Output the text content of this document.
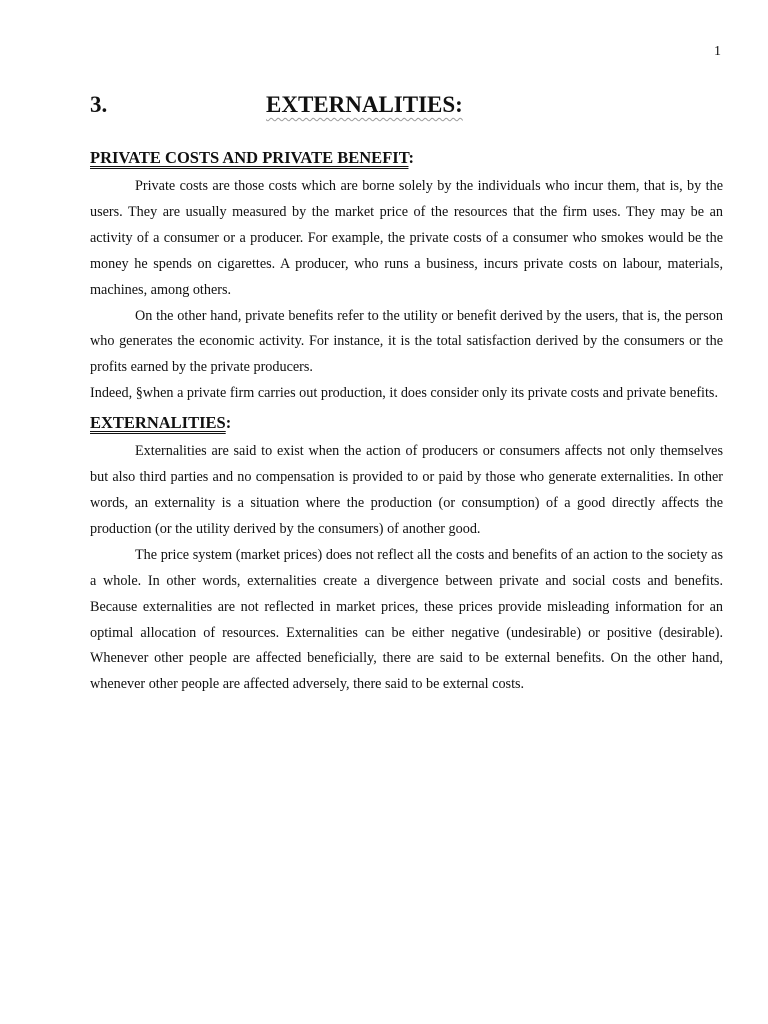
1
3.	EXTERNALITIES:
PRIVATE COSTS AND PRIVATE BENEFIT:

Private costs are those costs which are borne solely by the individuals who incur them, that is, by the users. They are usually measured by the market price of the resources that the firm uses. They may be an activity of a consumer or a producer. For example, the private costs of a consumer who smokes would be the money he spends on cigarettes. A producer, who runs a business, incurs private costs on labour, materials, machines, among others.

On the other hand, private benefits refer to the utility or benefit derived by the users, that is, the person who generates the economic activity. For instance, it is the total satisfaction derived by the consumers or the profits earned by the private producers.

Indeed, §when a private firm carries out production, it does consider only its private costs and private benefits.

EXTERNALITIES:

Externalities are said to exist when the action of producers or consumers affects not only themselves but also third parties and no compensation is provided to or paid by those who generate externalities. In other words, an externality is a situation where the production (or consumption) of a good directly affects the production (or the utility derived by the consumers) of another good.

The price system (market prices) does not reflect all the costs and benefits of an action to the society as a whole. In other words, externalities create a divergence between private and social costs and benefits. Because externalities are not reflected in market prices, these prices provide misleading information for an optimal allocation of resources. Externalities can be either negative (undesirable) or positive (desirable). Whenever other people are affected beneficially, there are said to be external benefits. On the other hand, whenever other people are affected adversely, there said to be external costs.
